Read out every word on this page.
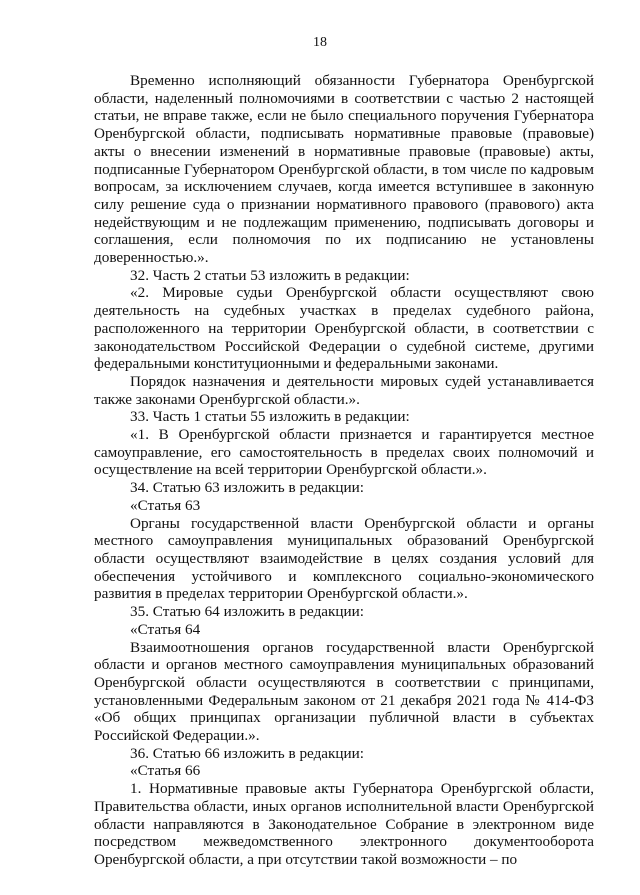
18

Временно исполняющий обязанности Губернатора Оренбургской области, наделенный полномочиями в соответствии с частью 2 настоящей статьи, не вправе также, если не было специального поручения Губернатора Оренбургской области, подписывать нормативные правовые (правовые) акты о внесении изменений в нормативные правовые (правовые) акты, подписанные Губернатором Оренбургской области, в том числе по кадровым вопросам, за исключением случаев, когда имеется вступившее в законную силу решение суда о признании нормативного правового (правового) акта недействующим и не подлежащим применению, подписывать договоры и соглашения, если полномочия по их подписанию не установлены доверенностью.».

32. Часть 2 статьи 53 изложить в редакции:

«2. Мировые судьи Оренбургской области осуществляют свою деятельность на судебных участках в пределах судебного района, расположенного на территории Оренбургской области, в соответствии с законодательством Российской Федерации о судебной системе, другими федеральными конституционными и федеральными законами.

Порядок назначения и деятельности мировых судей устанавливается также законами Оренбургской области.».

33. Часть 1 статьи 55 изложить в редакции:

«1. В Оренбургской области признается и гарантируется местное самоуправление, его самостоятельность в пределах своих полномочий и осуществление на всей территории Оренбургской области.».

34. Статью 63 изложить в редакции:

«Статья 63

Органы государственной власти Оренбургской области и органы местного самоуправления муниципальных образований Оренбургской области осуществляют взаимодействие в целях создания условий для обеспечения устойчивого и комплексного социально-экономического развития в пределах территории Оренбургской области.».

35. Статью 64 изложить в редакции:

«Статья 64

Взаимоотношения органов государственной власти Оренбургской области и органов местного самоуправления муниципальных образований Оренбургской области осуществляются в соответствии с принципами, установленными Федеральным законом от 21 декабря 2021 года № 414-ФЗ «Об общих принципах организации публичной власти в субъектах Российской Федерации.».

36. Статью 66 изложить в редакции:

«Статья 66

1. Нормативные правовые акты Губернатора Оренбургской области, Правительства области, иных органов исполнительной власти Оренбургской области направляются в Законодательное Собрание в электронном виде посредством межведомственного электронного документооборота Оренбургской области, а при отсутствии такой возможности – по
